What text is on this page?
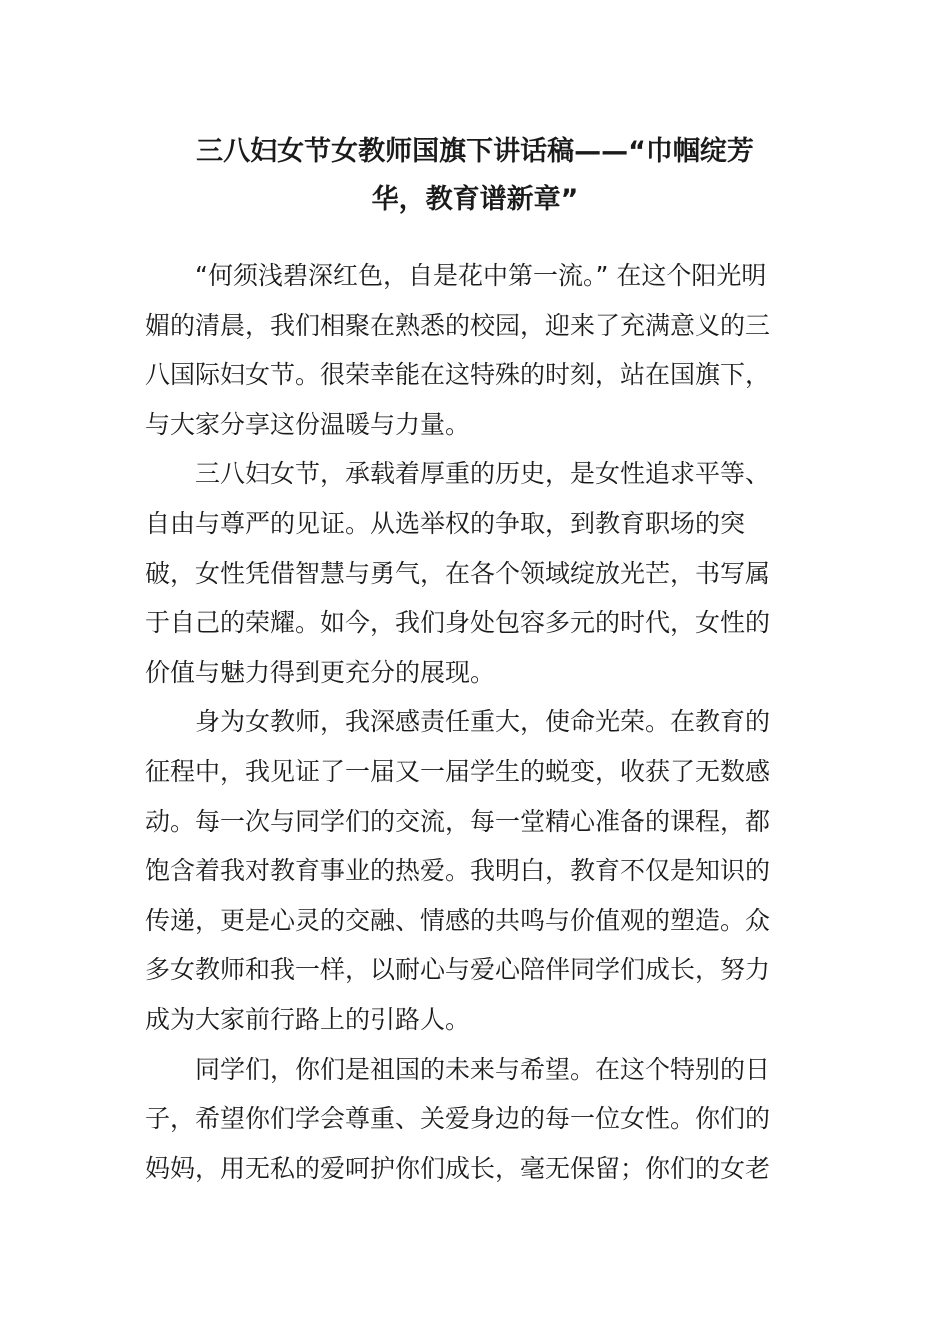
三八妇女节女教师国旗下讲话稿——“巾帼绽芳
华，教育谱新章”

“何须浅碧深红色，自是花中第一流。” 在这个阳光明
媚的清晨，我们相聚在熟悉的校园，迎来了充满意义的三
八国际妇女节。很荣幸能在这特殊的时刻，站在国旗下，
与大家分享这份温暖与力量。

三八妇女节，承载着厚重的历史，是女性追求平等、
自由与尊严的见证。从选举权的争取，到教育职场的突
破，女性凭借智慧与勇气，在各个领域绽放光芒，书写属
于自己的荣耀。如今，我们身处包容多元的时代，女性的
价值与魅力得到更充分的展现。

身为女教师，我深感责任重大，使命光荣。在教育的
征程中，我见证了一届又一届学生的蜕变，收获了无数感
动。每一次与同学们的交流，每一堂精心准备的课程，都
饱含着我对教育事业的热爱。我明白，教育不仅是知识的
传递，更是心灵的交融、情感的共鸣与价值观的塑造。众
多女教师和我一样，以耐心与爱心陪伴同学们成长，努力
成为大家前行路上的引路人。

同学们，你们是祖国的未来与希望。在这个特别的日
子，希望你们学会尊重、关爱身边的每一位女性。你们的
妈妈，用无私的爱呵护你们成长，毫无保留；你们的女老
